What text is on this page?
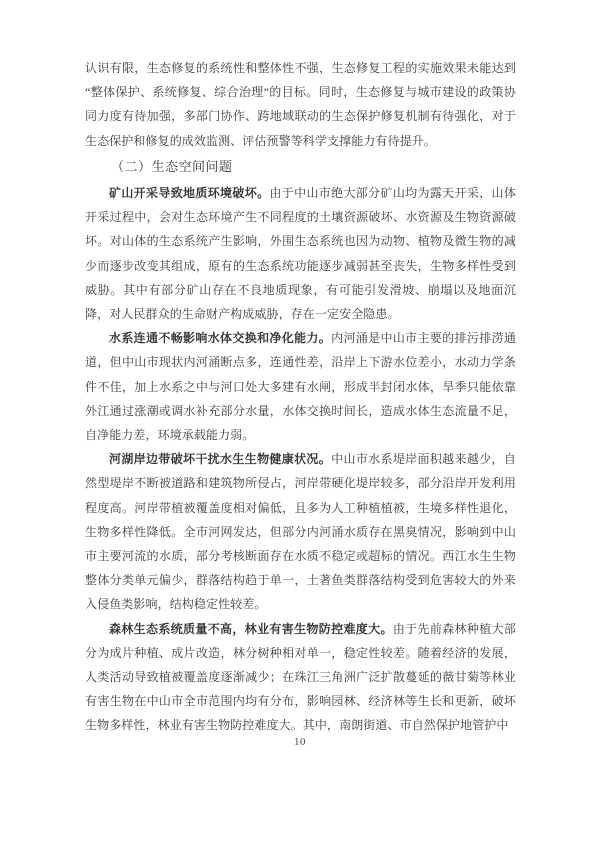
认识有限，生态修复的系统性和整体性不强，生态修复工程的实施效果未能达到“整体保护、系统修复、综合治理”的目标。同时，生态修复与城市建设的政策协同力度有待加强，多部门协作、跨地域联动的生态保护修复机制有待强化，对于生态保护和修复的成效监测、评估预警等科学支撑能力有待提升。

（二）生态空间问题

矿山开采导致地质环境破坏。由于中山市绝大部分矿山均为露天开采，山体开采过程中，会对生态环境产生不同程度的土壤资源破坏、水资源及生物资源破坏。对山体的生态系统产生影响，外围生态系统也因为动物、植物及微生物的减少而逐步改变其组成，原有的生态系统功能逐步减弱甚至丧失，生物多样性受到威胁。其中有部分矿山存在不良地质现象，有可能引发滑坡、崩塌以及地面沉降，对人民群众的生命财产构成威胁，存在一定安全隐患。

水系连通不畅影响水体交换和净化能力。内河涌是中山市主要的排污排涝通道，但中山市现状内河涌断点多，连通性差，沿岸上下游水位差小，水动力学条件不佳，加上水系之中与河口处大多建有水闸，形成半封闭水体，旱季只能依靠外江通过涨潮或调水补充部分水量，水体交换时间长，造成水体生态流量不足，自净能力差，环境承载能力弱。

河湖岸边带破坏干扰水生生物健康状况。中山市水系堤岸面积越来越少，自然型堤岸不断被道路和建筑物所侵占，河岸带硬化堤岸较多，部分沿岸开发利用程度高。河岸带植被覆盖度相对偏低，且多为人工种植植被，生境多样性退化，生物多样性降低。全市河网发达，但部分内河涌水质存在黑臭情况，影响到中山市主要河流的水质，部分考核断面存在水质不稳定或超标的情况。西江水生生物整体分类单元偏少，群落结构趋于单一，土著鱼类群落结构受到危害较大的外来入侵鱼类影响，结构稳定性较差。

森林生态系统质量不高，林业有害生物防控难度大。由于先前森林种植大部分为成片种植、成片改造，林分树种相对单一，稳定性较差。随着经济的发展，人类活动导致植被覆盖度逐渐减少；在珠江三角洲广泛扩散蔓延的薇甘菊等林业有害生物在中山市全市范围内均有分布，影响园林、经济林等生长和更新，破坏生物多样性，林业有害生物防控难度大。其中，南朗街道、市自然保护地管护中

10
